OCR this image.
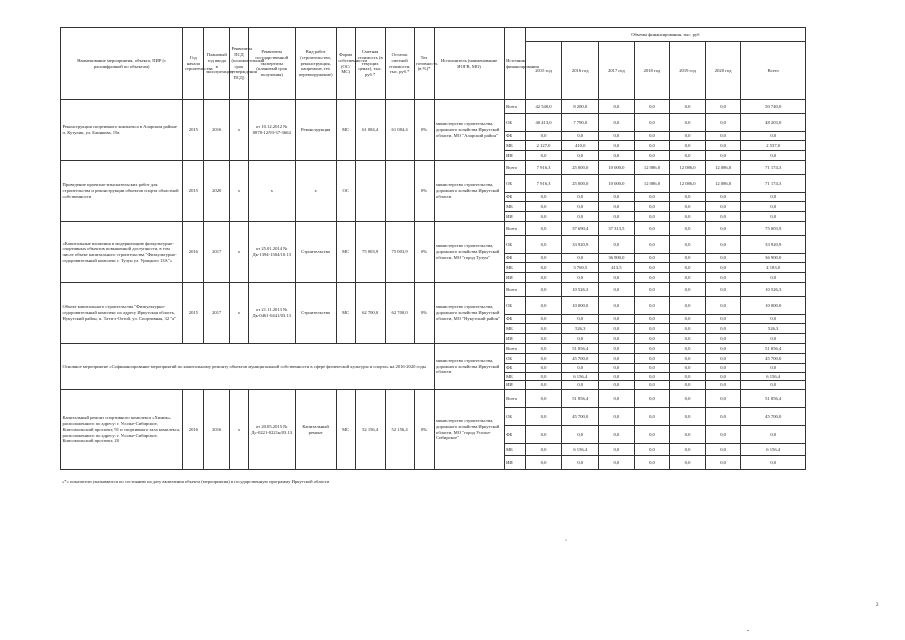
Наименование мероприятия, объекта, ПИР (с расшифровкой по объектам)	Год начала строительства	Плановый год ввода в эксплуатацию	Реквизиты ПСД (положительный срок утверждения ПСД)	Реквизиты государственной экспертизы (плановый срок получения)	Вид работ (строительство, реконструкция, капремонт, тех перевооружение)	Форма собственности (ОС/МС)	Сметная стоимость (в текущих ценах), тыс. руб.*	Остаток сметной стоимости, тыс. руб.*	Тех готовность (в %)*	Исполнитель (наименование ИОГВ, МО)	Источник финансирования	Объемы финансирования, тыс. руб						
												2015 год	2016 год	2017 год	2018 год	2019 год	2020 год	Всего
Реконструкция спортивного комплекса в Аларском районе п. Кутулик, ул. Блинкова, 19а	2015	2016	х	от 10.12.2012 № 0878-12/93-37-3664	Реконструкция	МС	61 084,4	61 084,4	0%	министерство строительства, дорожного хозяйства Иркутской области, МО "Аларский район"	Всего	42 540,0	8 200,0	0,0	0,0	0,0	0,0	50 740,0
											ОБ	40 413,0	7 790,0	0,0	0,0	0,0	0,0	48 203,0
											ФБ	0,0	0,0	0,0	0,0	0,0	0,0	0,0
											МБ	2 127,0	410,0	0,0	0,0	0,0	0,0	2 537,0
											ИИ	0,0	0,0	0,0	0,0	0,0	0,0	0,0
Проведение проектно-изыскательских работ для строительства и реконструкции объектов спорта областной собственности	2015	2020	х	х	х	ОС			0%	министерство строительства, дорожного хозяйства Иркутской области	Всего	7 916,3	25 000,0	10 000,0	12 086,0	12 086,0	12 086,0	71 174,3
											ОБ	7 916,3	25 000,0	10 000,0	12 086,0	12 086,0	12 086,0	71 174,3
											ФБ	0,0	0,0	0,0	0,0	0,0	0,0	0,0
											МБ	0,0	0,0	0,0	0,0	0,0	0,0	0,0
											ИИ	0,0	0,0	0,0	0,0	0,0	0,0	0,0
«Капитальные вложения в модернизацию физкультурно-спортивных объектов повышенной доступности, в том числе объект капитального строительства "Физкультурно-оздоровительный комплекс г. Тулун ул. Урицкого 13А"»	2016	2017	х	от 25.01.2014 № Дк-1394-1304/10.13	Строительство	МС	75 003,9	75 003,9	0%	министерство строительства, дорожного хозяйства Иркутской области, МО "город Тулун"	Всего	0,0	37 690,4	37 313,5	0,0	0,0	0,0	75 003,9
											ОБ	0,0	33 920,9	0,0	0,0	0,0	0,0	33 920,9
											ФБ	0,0	0,0	36 900,0	0,0	0,0	0,0	36 900,0
											МБ	0,0	3 769,5	413,5	0,0	0,0	0,0	4 183,0
											ИИ	0,0	0,0	0,0	0,0	0,0	0,0	0,0
Объект капитального строительства "Физкультурно-оздоровительный комплекс по адресу Иркутская область, Нукутский район, п. Татэгэ-Олтой, ул. Спортивная, 32 "а"	2015	2017	х	от 21.11.2013 № Дк-0461-0441/03.13	Строительство	МС	62 700,0	62 700,0	0%	министерство строительства, дорожного хозяйства Иркутской области, МО "Нукутский район"	Всего	0,0	10 526,3	0,0	0,0	0,0	0,0	10 526,3
											ОБ	0,0	10 000,0	0,0	0,0	0,0	0,0	10 000,0
											ФБ	0,0	0,0	0,0	0,0	0,0	0,0	0,0
											МБ	0,0	526,3	0,0	0,0	0,0	0,0	526,3
											ИИ	0,0	0,0	0,0	0,0	0,0	0,0	0,0
Основное мероприятие «Софинансирование мероприятий по капитальному ремонту объектов муниципальной собственности в сфере физической культуры и спорта» на 2016-2020 годы										министерство строительства, дорожного хозяйства Иркутской области	Всего	0,0	51 856,4	0,0	0,0	0,0	0,0	51 856,4
											ОБ	0,0	45 700,0	0,0	0,0	0,0	0,0	45 700,0
											ФБ	0,0	0,0	0,0	0,0	0,0	0,0	0,0
											МБ	0,0	6 156,4	0,0	0,0	0,0	0,0	6 156,4
											ИИ	0,0	0,0	0,0	0,0	0,0	0,0	0,0
Капитальный ремонт спортивного комплекса «Химик», расположенного по адресу: г. Усолье-Сибирское, Комсомольский проспект, 91 и спортивного зала комплекса, расположенного по адресу: г. Усолье-Сибирское, Комсомольский проспект, 20	2016	2016	х	от 20.05.2015 № Дс-0221-0221н/03.13	Капитальный ремонт	МС	52 156,4	52 156,4	0%	министерство строительства, дорожного хозяйства Иркутской области, МО "город Усолье-Сибирское"	Всего	0,0	51 856,4	0,0	0,0	0,0	0,0	51 856,4
											ОБ	0,0	45 700,0	0,0	0,0	0,0	0,0	45 700,0
											ФБ	0,0	0,0	0,0	0,0	0,0	0,0	0,0
											МБ	0,0	6 156,4	0,0	0,0	0,0	0,0	6 156,4
											ИИ	0,0	0,0	0,0	0,0	0,0	0,0	0,0
«*» показатели указываются по состоянию на дату включения объекта (мероприятия) в государственную программу Иркутской области
«
2
